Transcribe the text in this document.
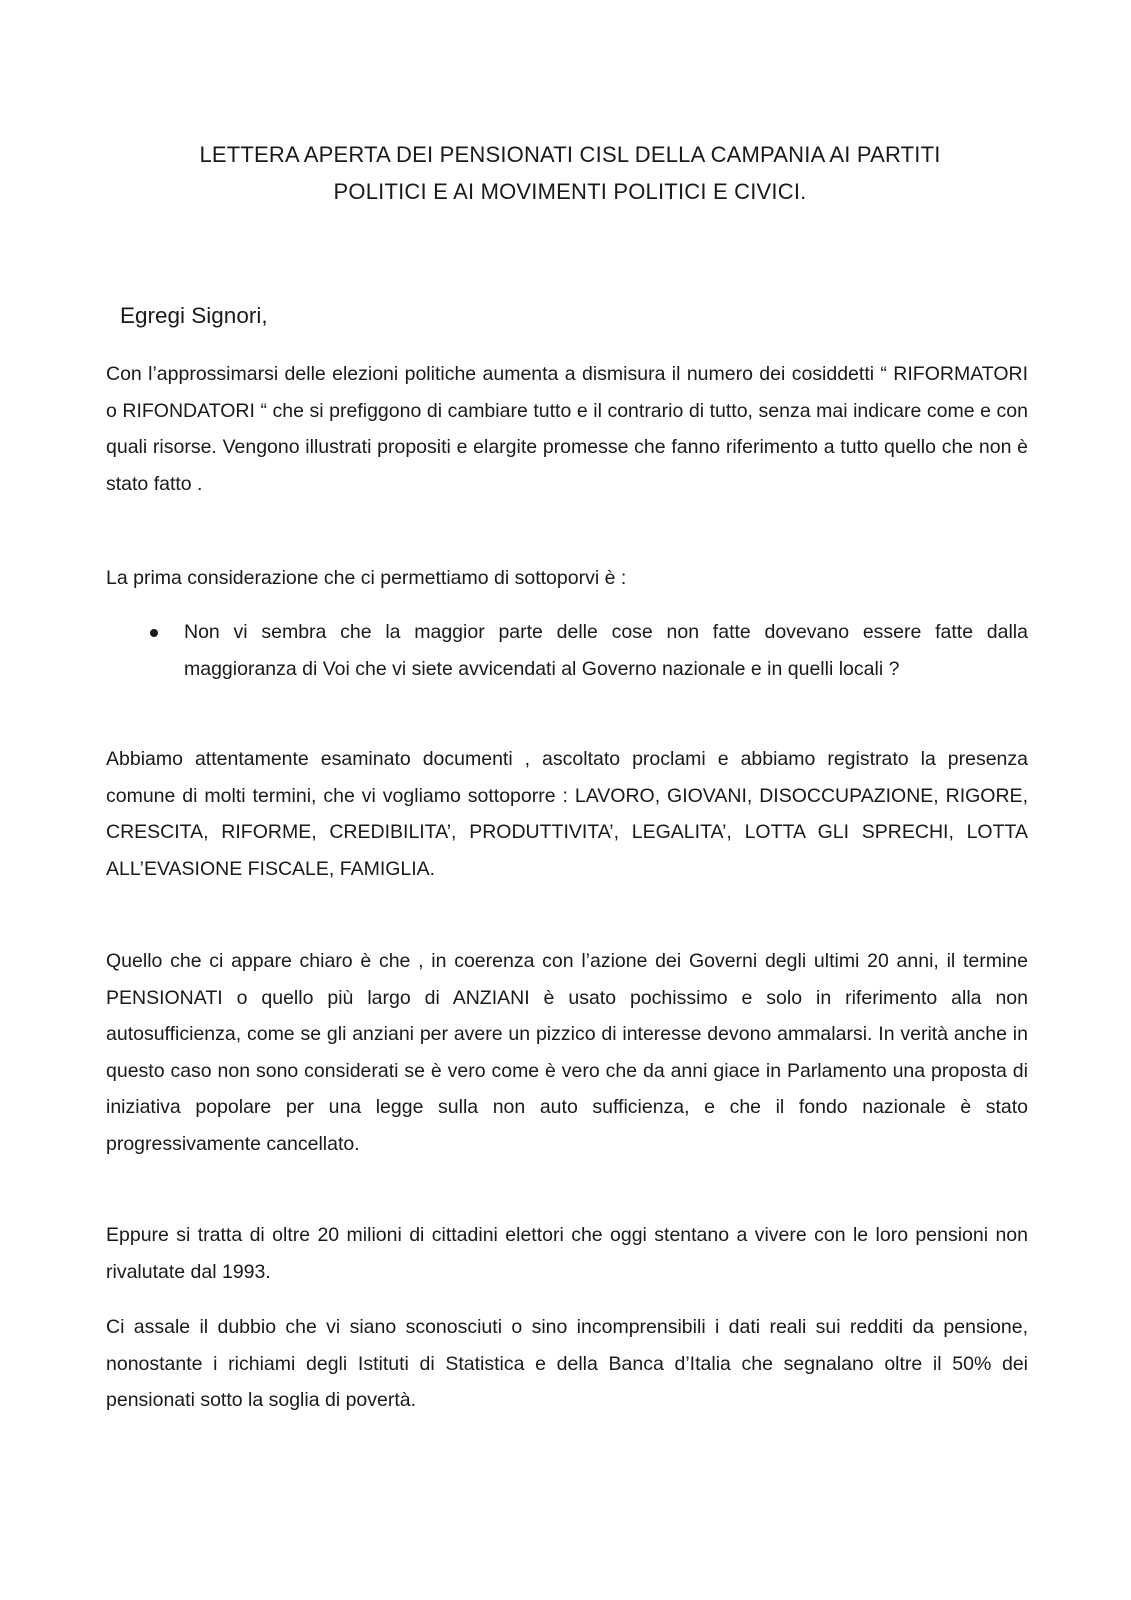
LETTERA APERTA DEI PENSIONATI CISL DELLA CAMPANIA AI PARTITI
POLITICI E AI MOVIMENTI POLITICI E CIVICI.
Egregi Signori,

Con l’approssimarsi delle elezioni politiche aumenta a dismisura il numero dei cosiddetti “ RIFORMATORI o RIFONDATORI “ che si prefiggono di cambiare tutto e il contrario di tutto, senza mai indicare come e con quali risorse. Vengono illustrati propositi e elargite promesse che fanno riferimento a tutto quello che non è stato fatto .

La prima considerazione che ci permettiamo di sottoporvi è :

Non vi sembra che la maggior parte delle cose non fatte dovevano essere fatte dalla maggioranza di Voi che vi siete avvicendati al Governo nazionale e in quelli locali ?

Abbiamo attentamente esaminato documenti , ascoltato proclami e abbiamo registrato la presenza comune di molti termini, che vi vogliamo sottoporre : LAVORO, GIOVANI, DISOCCUPAZIONE, RIGORE, CRESCITA, RIFORME, CREDIBILITA’, PRODUTTIVITA’, LEGALITA’, LOTTA GLI SPRECHI, LOTTA ALL’EVASIONE FISCALE, FAMIGLIA.

Quello che ci appare chiaro è che , in coerenza con l’azione dei Governi degli ultimi 20 anni, il termine PENSIONATI o quello più largo di ANZIANI è usato pochissimo e solo in riferimento alla non autosufficienza, come se gli anziani per avere un pizzico di interesse devono ammalarsi. In verità anche in questo caso non sono considerati se è vero come è vero che da anni giace in Parlamento una proposta di iniziativa popolare per una legge sulla non auto sufficienza, e che il fondo nazionale è stato progressivamente cancellato.

Eppure si tratta di oltre 20 milioni di cittadini elettori che oggi stentano a vivere con le loro pensioni non rivalutate dal 1993.

Ci assale il dubbio che vi siano sconosciuti o sino incomprensibili i dati reali sui redditi da pensione, nonostante i richiami degli Istituti di Statistica e della Banca d’Italia che segnalano oltre il 50% dei pensionati sotto la soglia di povertà.
